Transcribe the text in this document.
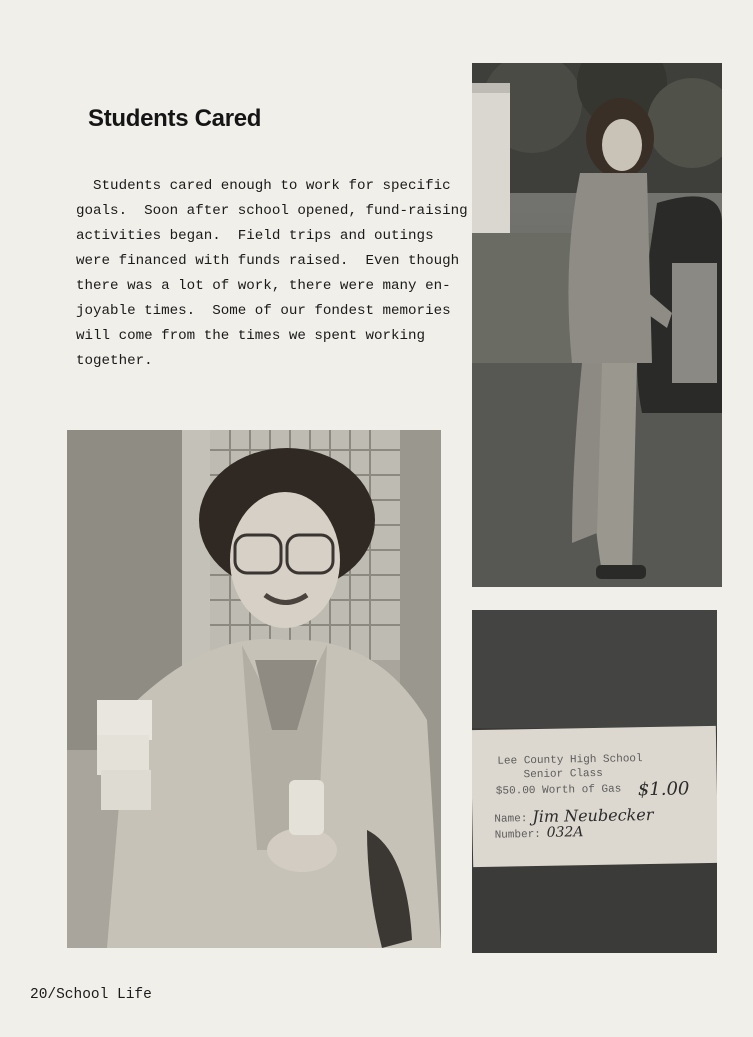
Students Cared
Students cared enough to work for specific
goals.  Soon after school opened, fund-raising
activities began.  Field trips and outings
were financed with funds raised.  Even though
there was a lot of work, there were many en-
joyable times.  Some of our fondest memories
will come from the times we spent working
together.

Lee County High School

Senior Class

$50.00 Worth of Gas $1.00

Name: Jim Neubecker

Number: 032A

20/School Life
